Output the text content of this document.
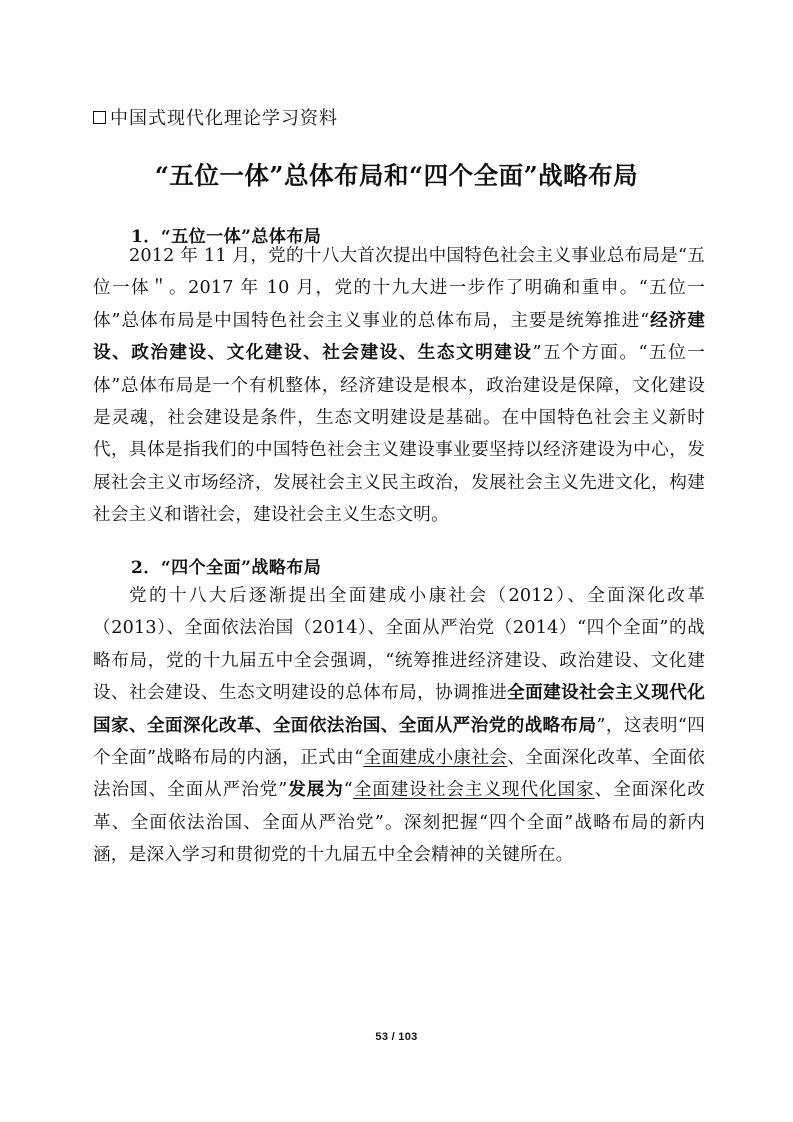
中国式现代化理论学习资料
“五位一体”总体布局和“四个全面”战略布局
1．“五位一体”总体布局

2012 年 11 月，党的十八大首次提出中国特色社会主义事业总布局是“五位一体＂。2017 年 10 月，党的十九大进一步作了明确和重申。“五位一体”总体布局是中国特色社会主义事业的总体布局，主要是统筹推进“经济建设、政治建设、文化建设、社会建设、生态文明建设”五个方面。“五位一体”总体布局是一个有机整体，经济建设是根本，政治建设是保障，文化建设是灵魂，社会建设是条件，生态文明建设是基础。在中国特色社会主义新时代，具体是指我们的中国特色社会主义建设事业要坚持以经济建设为中心，发展社会主义市场经济，发展社会主义民主政治，发展社会主义先进文化，构建社会主义和谐社会，建设社会主义生态文明。

2．“四个全面”战略布局

党的十八大后逐渐提出全面建成小康社会（2012）、全面深化改革（2013）、全面依法治国（2014）、全面从严治党（2014）“四个全面”的战略布局，党的十九届五中全会强调，“统筹推进经济建设、政治建设、文化建设、社会建设、生态文明建设的总体布局，协调推进全面建设社会主义现代化国家、全面深化改革、全面依法治国、全面从严治党的战略布局”，这表明“四个全面”战略布局的内涵，正式由“全面建成小康社会、全面深化改革、全面依法治国、全面从严治党”发展为“全面建设社会主义现代化国家、全面深化改革、全面依法治国、全面从严治党”。深刻把握“四个全面”战略布局的新内涵，是深入学习和贯彻党的十九届五中全会精神的关键所在。

53 / 103
